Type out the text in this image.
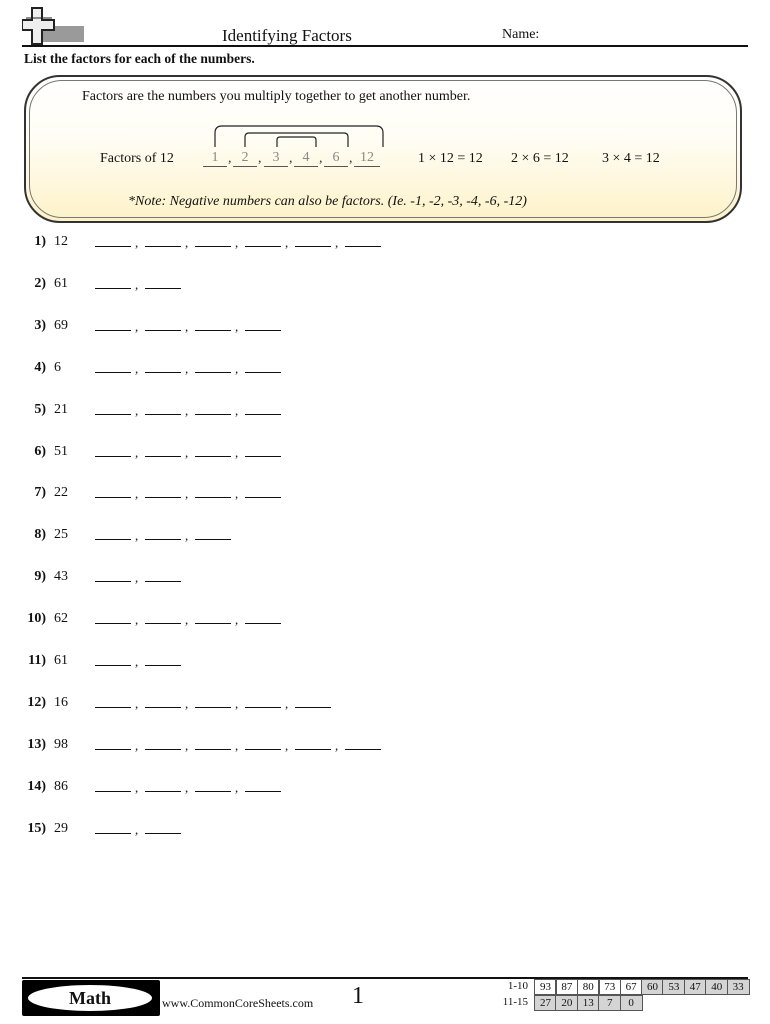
Identifying Factors	Name:
List the factors for each of the numbers.
Factors are the numbers you multiply together to get another number.
Factors of 12	1 , 2 , 3 , 4 , 6 , 12	1 × 12 = 12 2 × 6 = 12 3 × 4 = 12
*Note: Negative numbers can also be factors. (Ie. -1, -2, -3, -4, -6, -12)
1) 12	,	,	,	,	,
2) 61	,
3) 69	,	,	,
4) 6	,	,	,
5) 21	,	,	,
6) 51	,	,	,
7) 22	,	,	,
8) 25	,	,
9) 43	,
10) 62	,	,	,
11) 61	,
12) 16	,	,	,	,
13) 98	,	,	,	,	,
14) 86	,	,	,
15) 29	,
Math	www.CommonCoreSheets.com 1	1-10	93 87 80 73 67 60 53 47 40 33
11-15	27 20 13	7	0
